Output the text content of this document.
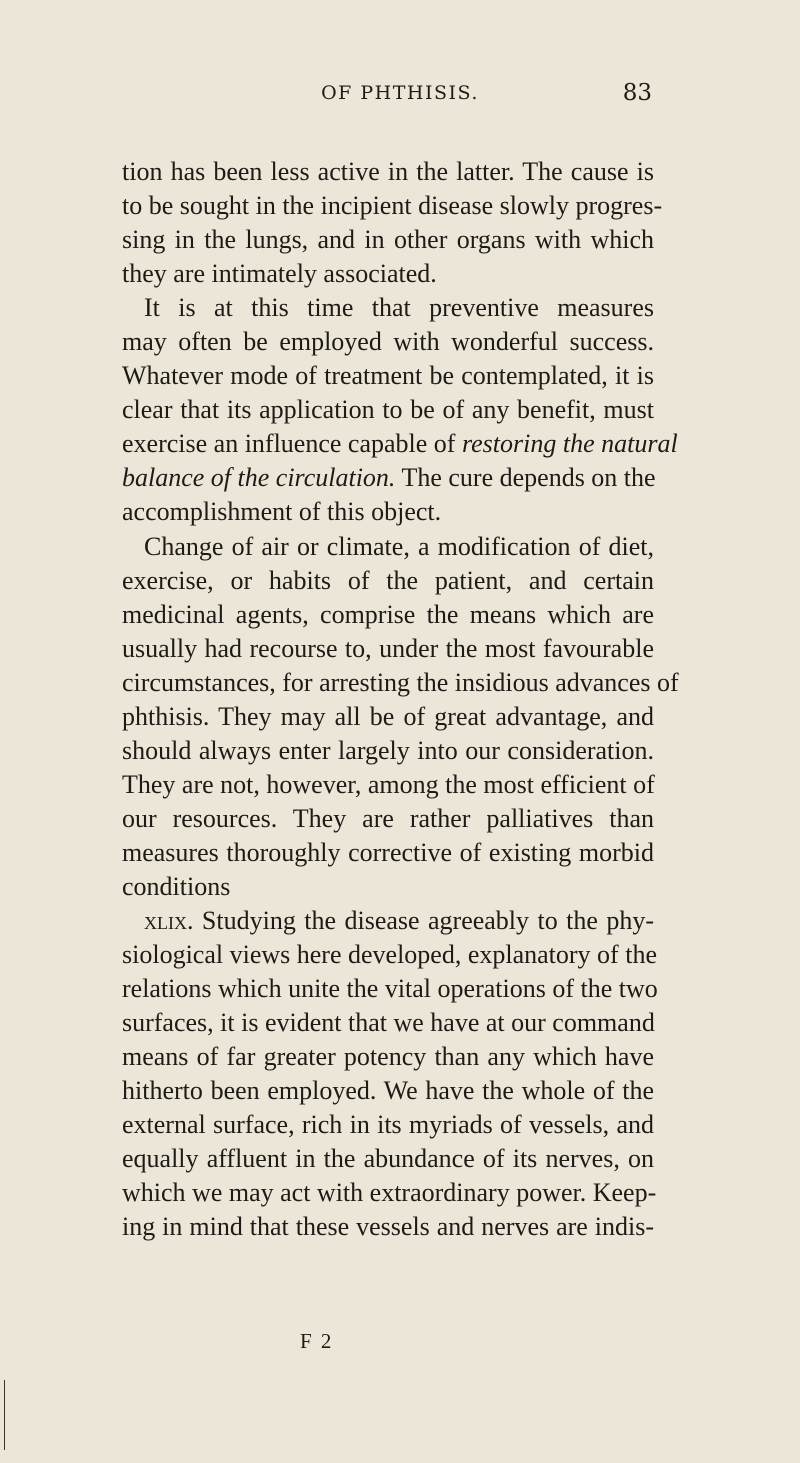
OF PHTHISIS.	83
tion has been less active in the latter. The cause is
to be sought in the incipient disease slowly progres-
sing in the lungs, and in other organs with which
they are intimately associated.
It is at this time that preventive measures
may often be employed with wonderful success.
Whatever mode of treatment be contemplated, it is
clear that its application to be of any benefit, must
exercise an influence capable of restoring the natural
balance of the circulation. The cure depends on the
accomplishment of this object.
Change of air or climate, a modification of diet,
exercise, or habits of the patient, and certain
medicinal agents, comprise the means which are
usually had recourse to, under the most favourable
circumstances, for arresting the insidious advances of
phthisis. They may all be of great advantage, and
should always enter largely into our consideration.
They are not, however, among the most efficient of
our resources. They are rather palliatives than
measures thoroughly corrective of existing morbid
conditions
xlix. Studying the disease agreeably to the phy-
siological views here developed, explanatory of the
relations which unite the vital operations of the two
surfaces, it is evident that we have at our command
means of far greater potency than any which have
hitherto been employed. We have the whole of the
external surface, rich in its myriads of vessels, and
equally affluent in the abundance of its nerves, on
which we may act with extraordinary power. Keep-
ing in mind that these vessels and nerves are indis-
F 2
